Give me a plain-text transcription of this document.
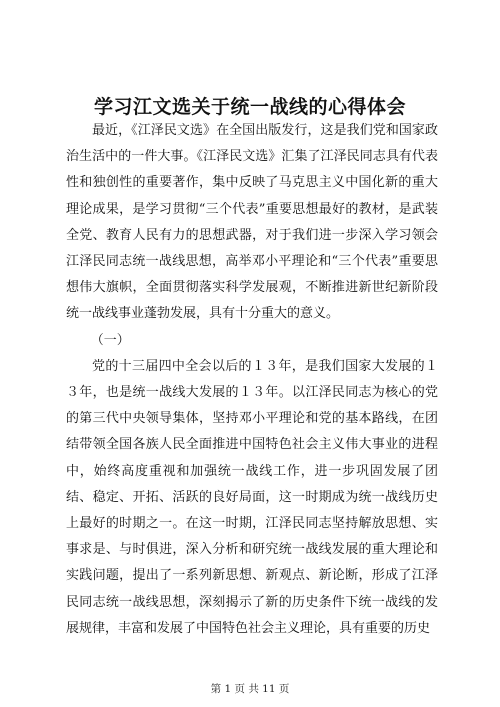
学习江文选关于统一战线的心得体会

最近，《江泽民文选》在全国出版发行，这是我们党和国家政治生活中的一件大事。《江泽民文选》汇集了江泽民同志具有代表性和独创性的重要著作，集中反映了马克思主义中国化新的重大理论成果，是学习贯彻“三个代表”重要思想最好的教材，是武装全党、教育人民有力的思想武器，对于我们进一步深入学习领会江泽民同志统一战线思想，高举邓小平理论和“三个代表”重要思想伟大旗帜，全面贯彻落实科学发展观，不断推进新世纪新阶段统一战线事业蓬勃发展，具有十分重大的意义。

（一）

党的十三届四中全会以后的１３年，是我们国家大发展的１３年，也是统一战线大发展的１３年。以江泽民同志为核心的党的第三代中央领导集体，坚持邓小平理论和党的基本路线，在团结带领全国各族人民全面推进中国特色社会主义伟大事业的进程中，始终高度重视和加强统一战线工作，进一步巩固发展了团结、稳定、开拓、活跃的良好局面，这一时期成为统一战线历史上最好的时期之一。在这一时期，江泽民同志坚持解放思想、实事求是、与时俱进，深入分析和研究统一战线发展的重大理论和实践问题，提出了一系列新思想、新观点、新论断，形成了江泽民同志统一战线思想，深刻揭示了新的历史条件下统一战线的发展规律，丰富和发展了中国特色社会主义理论，具有重要的历史

第 1 页 共 11 页
